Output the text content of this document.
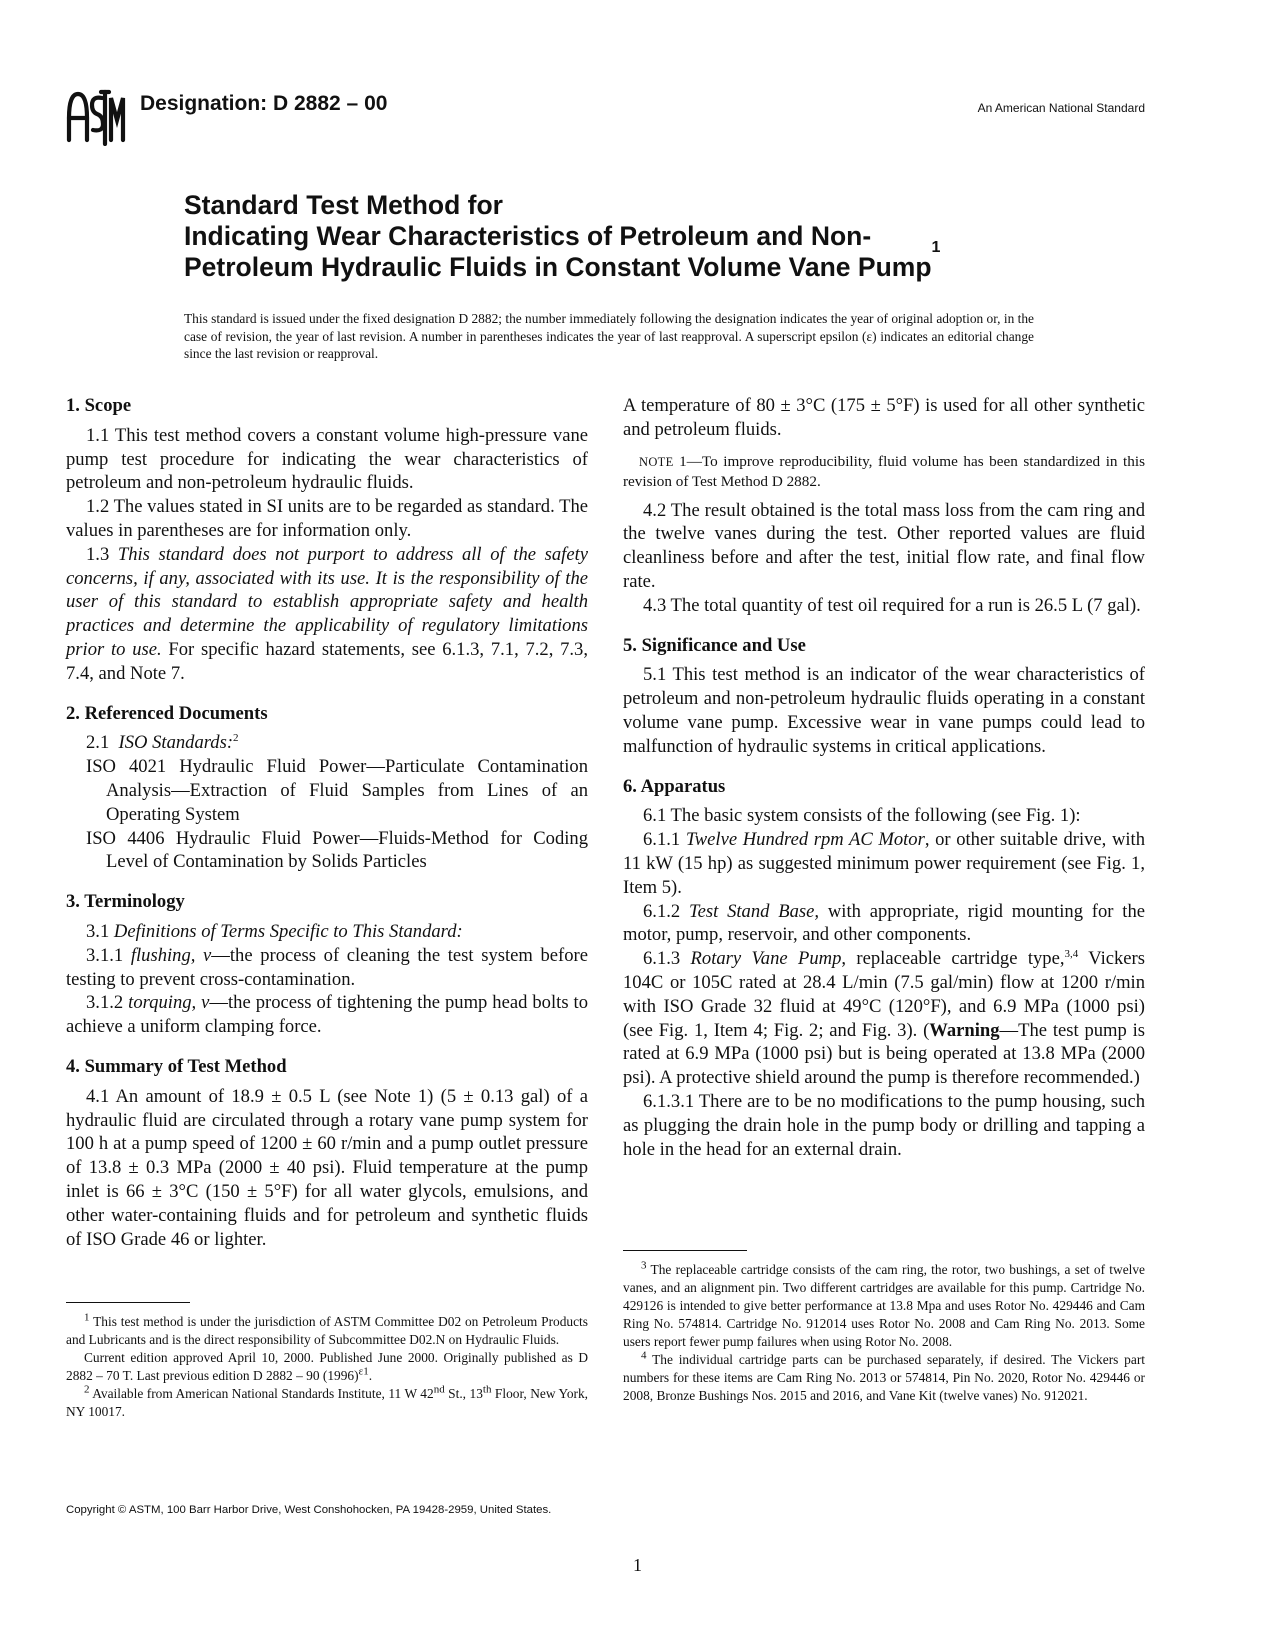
ASTM
Designation: D 2882 – 00	An American National Standard
Standard Test Method for
Indicating Wear Characteristics of Petroleum and Non-
Petroleum Hydraulic Fluids in Constant Volume Vane Pump$^1$
This standard is issued under the fixed designation D 2882; the number immediately following the designation indicates the year of original adoption or, in the case of revision, the year of last revision. A number in parentheses indicates the year of last reapproval. A superscript epsilon (ε) indicates an editorial change since the last revision or reapproval.
1. Scope

1.1 This test method covers a constant volume high-pressure vane pump test procedure for indicating the wear characteristics of petroleum and non-petroleum hydraulic fluids.

1.2 The values stated in SI units are to be regarded as standard. The values in parentheses are for information only.

1.3 This standard does not purport to address all of the safety concerns, if any, associated with its use. It is the responsibility of the user of this standard to establish appropriate safety and health practices and determine the applicability of regulatory limitations prior to use. For specific hazard statements, see 6.1.3, 7.1, 7.2, 7.3, 7.4, and Note 7.

2. Referenced Documents

2.1 ISO Standards:$^2$

ISO 4021 Hydraulic Fluid Power—Particulate Contamination Analysis—Extraction of Fluid Samples from Lines of an Operating System

ISO 4406 Hydraulic Fluid Power—Fluids-Method for Coding Level of Contamination by Solids Particles

3. Terminology

3.1 Definitions of Terms Specific to This Standard:

3.1.1 flushing, v—the process of cleaning the test system before testing to prevent cross-contamination.

3.1.2 torquing, v—the process of tightening the pump head bolts to achieve a uniform clamping force.

4. Summary of Test Method

4.1 An amount of 18.9 ± 0.5 L (see Note 1) (5 ± 0.13 gal) of a hydraulic fluid are circulated through a rotary vane pump system for 100 h at a pump speed of 1200 ± 60 r/min and a pump outlet pressure of 13.8 ± 0.3 MPa (2000 ± 40 psi). Fluid temperature at the pump inlet is 66 ± 3°C (150 ± 5°F) for all water glycols, emulsions, and other water-containing fluids and for petroleum and synthetic fluids of ISO Grade 46 or lighter.

A temperature of 80 ± 3°C (175 ± 5°F) is used for all other synthetic and petroleum fluids.

NOTE 1—To improve reproducibility, fluid volume has been standardized in this revision of Test Method D 2882.

4.2 The result obtained is the total mass loss from the cam ring and the twelve vanes during the test. Other reported values are fluid cleanliness before and after the test, initial flow rate, and final flow rate.

4.3 The total quantity of test oil required for a run is 26.5 L (7 gal).

5. Significance and Use

5.1 This test method is an indicator of the wear characteristics of petroleum and non-petroleum hydraulic fluids operating in a constant volume vane pump. Excessive wear in vane pumps could lead to malfunction of hydraulic systems in critical applications.

6. Apparatus

6.1 The basic system consists of the following (see Fig. 1):

6.1.1 Twelve Hundred rpm AC Motor, or other suitable drive, with 11 kW (15 hp) as suggested minimum power requirement (see Fig. 1, Item 5).

6.1.2 Test Stand Base, with appropriate, rigid mounting for the motor, pump, reservoir, and other components.

6.1.3 Rotary Vane Pump, replaceable cartridge type,$^{3,4}$ Vickers 104C or 105C rated at 28.4 L/min (7.5 gal/min) flow at 1200 r/min with ISO Grade 32 fluid at 49°C (120°F), and 6.9 MPa (1000 psi) (see Fig. 1, Item 4; Fig. 2; and Fig. 3). (Warning—The test pump is rated at 6.9 MPa (1000 psi) but is being operated at 13.8 MPa (2000 psi). A protective shield around the pump is therefore recommended.)

6.1.3.1 There are to be no modifications to the pump housing, such as plugging the drain hole in the pump body or drilling and tapping a hole in the head for an external drain.

$^1$ This test method is under the jurisdiction of ASTM Committee D02 on Petroleum Products and Lubricants and is the direct responsibility of Subcommittee D02.N on Hydraulic Fluids.

Current edition approved April 10, 2000. Published June 2000. Originally published as D 2882 – 70 T. Last previous edition D 2882 – 90 $(1996)^{\varepsilon 1}$.

$^2$ Available from American National Standards Institute, 11 W 42nd St., 13th Floor, New York, NY 10017.

$^3$ The replaceable cartridge consists of the cam ring, the rotor, two bushings, a set of twelve vanes, and an alignment pin. Two different cartridges are available for this pump. Cartridge No. 429126 is intended to give better performance at 13.8 Mpa and uses Rotor No. 429446 and Cam Ring No. 574814. Cartridge No. 912014 uses Rotor No. 2008 and Cam Ring No. 2013. Some users report fewer pump failures when using Rotor No. 2008.

$^4$ The individual cartridge parts can be purchased separately, if desired. The Vickers part numbers for these items are Cam Ring No. 2013 or 574814, Pin No. 2020, Rotor No. 429446 or 2008, Bronze Bushings Nos. 2015 and 2016, and Vane Kit (twelve vanes) No. 912021.

Copyright © ASTM, 100 Barr Harbor Drive, West Conshohocken, PA 19428-2959, United States.
1
